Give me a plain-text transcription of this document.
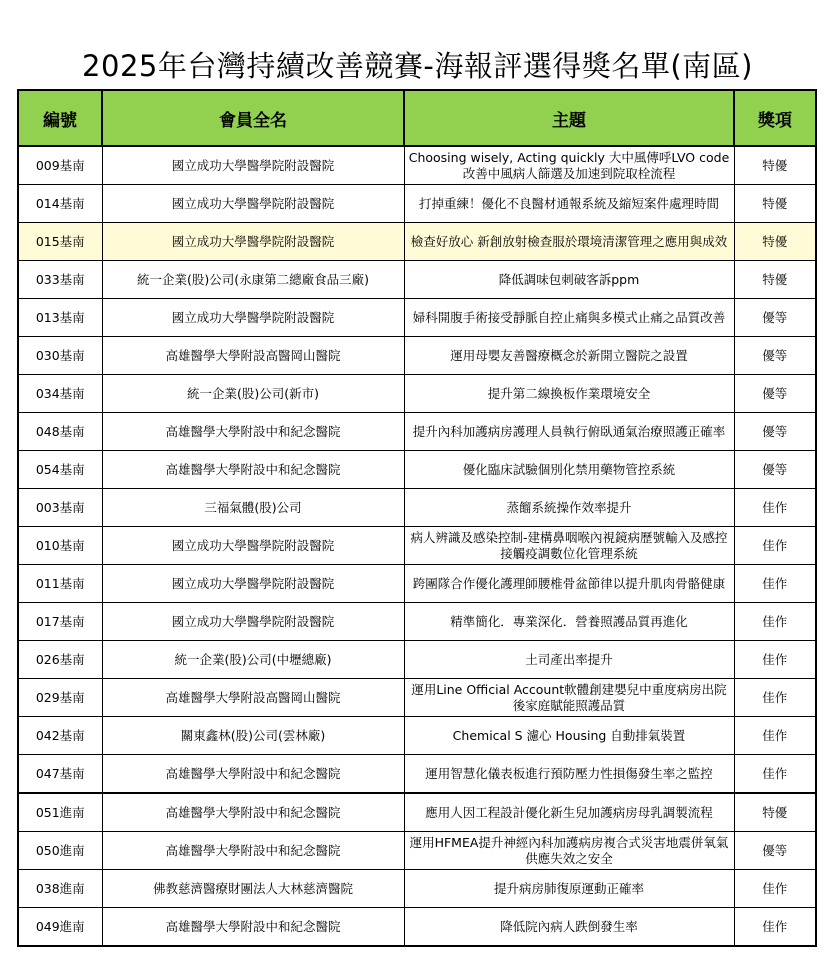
2025年台灣持續改善競賽-海報評選得獎名單(南區)
編號	會員全名	主題	獎項
009基南	國立成功大學醫學院附設醫院	Choosing wisely, Acting quickly 大中風傳呼LVO code改善中風病人篩選及加速到院取栓流程	特優
014基南	國立成功大學醫學院附設醫院	打掉重練！優化不良醫材通報系統及縮短案件處理時間	特優
015基南	國立成功大學醫學院附設醫院	檢查好放心 新創放射檢查服於環境清潔管理之應用與成效	特優
033基南	統一企業(股)公司(永康第二總廠食品三廠)	降低調味包刺破客訴ppm	特優
013基南	國立成功大學醫學院附設醫院	婦科開腹手術接受靜脈自控止痛與多模式止痛之品質改善	優等
030基南	高雄醫學大學附設高醫岡山醫院	運用母嬰友善醫療概念於新開立醫院之設置	優等
034基南	統一企業(股)公司(新市)	提升第二線換板作業環境安全	優等
048基南	高雄醫學大學附設中和紀念醫院	提升內科加護病房護理人員執行俯臥通氣治療照護正確率	優等
054基南	高雄醫學大學附設中和紀念醫院	優化臨床試驗個別化禁用藥物管控系統	優等
003基南	三福氣體(股)公司	蒸餾系統操作效率提升	佳作
010基南	國立成功大學醫學院附設醫院	病人辨識及感染控制-建構鼻咽喉內視鏡病歷號輸入及感控接觸疫調數位化管理系統	佳作
011基南	國立成功大學醫學院附設醫院	跨團隊合作優化護理師腰椎骨盆節律以提升肌肉骨骼健康	佳作
017基南	國立成功大學醫學院附設醫院	精準簡化．專業深化．營養照護品質再進化	佳作
026基南	統一企業(股)公司(中壢總廠)	土司產出率提升	佳作
029基南	高雄醫學大學附設高醫岡山醫院	運用Line Official Account軟體創建嬰兒中重度病房出院後家庭賦能照護品質	佳作
042基南	關東鑫林(股)公司(雲林廠)	Chemical S 濾心 Housing 自動排氣裝置	佳作
047基南	高雄醫學大學附設中和紀念醫院	運用智慧化儀表板進行預防壓力性損傷發生率之監控	佳作
051進南	高雄醫學大學附設中和紀念醫院	應用人因工程設計優化新生兒加護病房母乳調製流程	特優
050進南	高雄醫學大學附設中和紀念醫院	運用HFMEA提升神經內科加護病房複合式災害地震併氧氣供應失效之安全	優等
038進南	佛教慈濟醫療財團法人大林慈濟醫院	提升病房肺復原運動正確率	佳作
049進南	高雄醫學大學附設中和紀念醫院	降低院內病人跌倒發生率	佳作
